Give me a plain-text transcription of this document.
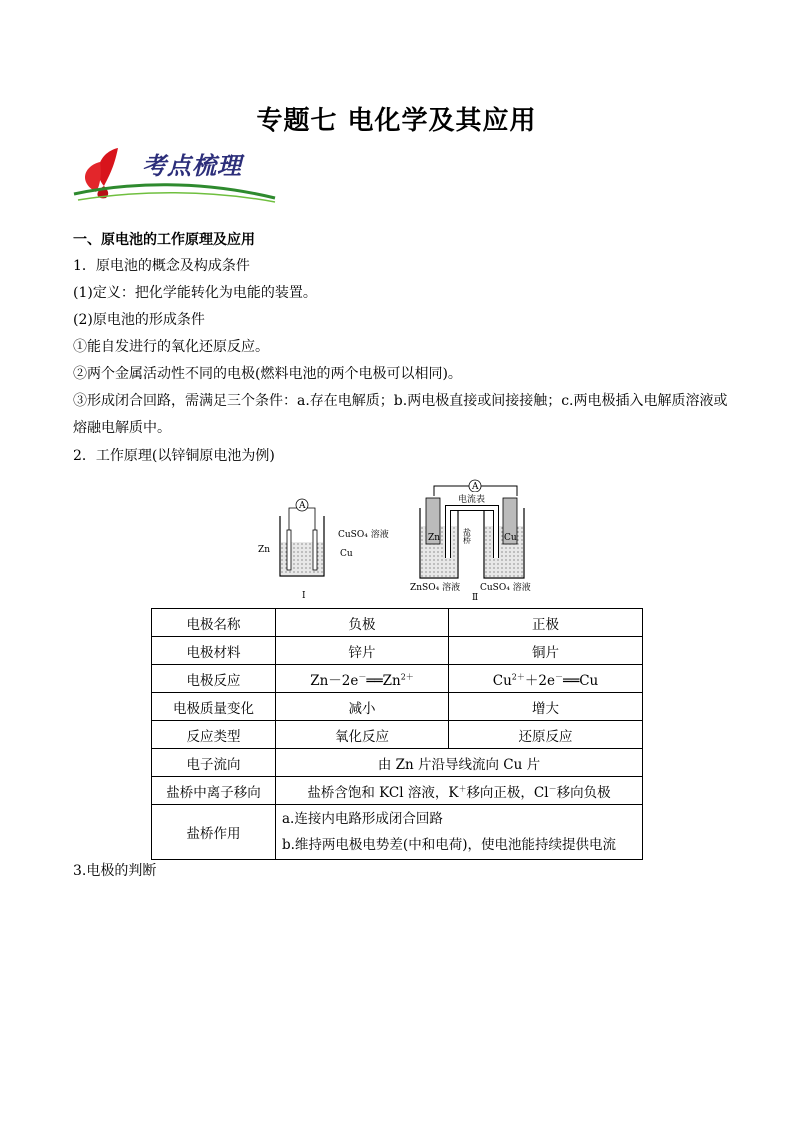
专题七 电化学及其应用
考点梳理
一、原电池的工作原理及应用
1．原电池的概念及构成条件
(1)定义：把化学能转化为电能的装置。
(2)原电池的形成条件
①能自发进行的氧化还原反应。
②两个金属活动性不同的电极(燃料电池的两个电极可以相同)。
③形成闭合回路，需满足三个条件：a.存在电解质；b.两电极直接或间接接触；c.两电极插入电解质溶液或
熔融电解质中。
2．工作原理(以锌铜原电池为例)
A
Zn	Cu
CuSO₄ 溶液
Ⅰ
A
电流表
Zn	Cu
盐桥
ZnSO₄ 溶液 CuSO₄ 溶液
Ⅱ
电极名称	负极	正极
电极材料	锌片	铜片
电极反应	$Zn-2e^-══Zn^{2+}$	$Cu^{2+}+2e^-══Cu$
电极质量变化	减小	增大
反应类型	氧化反应	还原反应
电子流向	由 Zn 片沿导线流向 Cu 片	
盐桥中离子移向	盐桥含饱和 KCl 溶液，K＋移向正极，Cl－移向负极	
盐桥作用	a.连接内电路形成闭合回路
b.维持两电极电势差(中和电荷)，使电池能持续提供电流	
3.电极的判断
